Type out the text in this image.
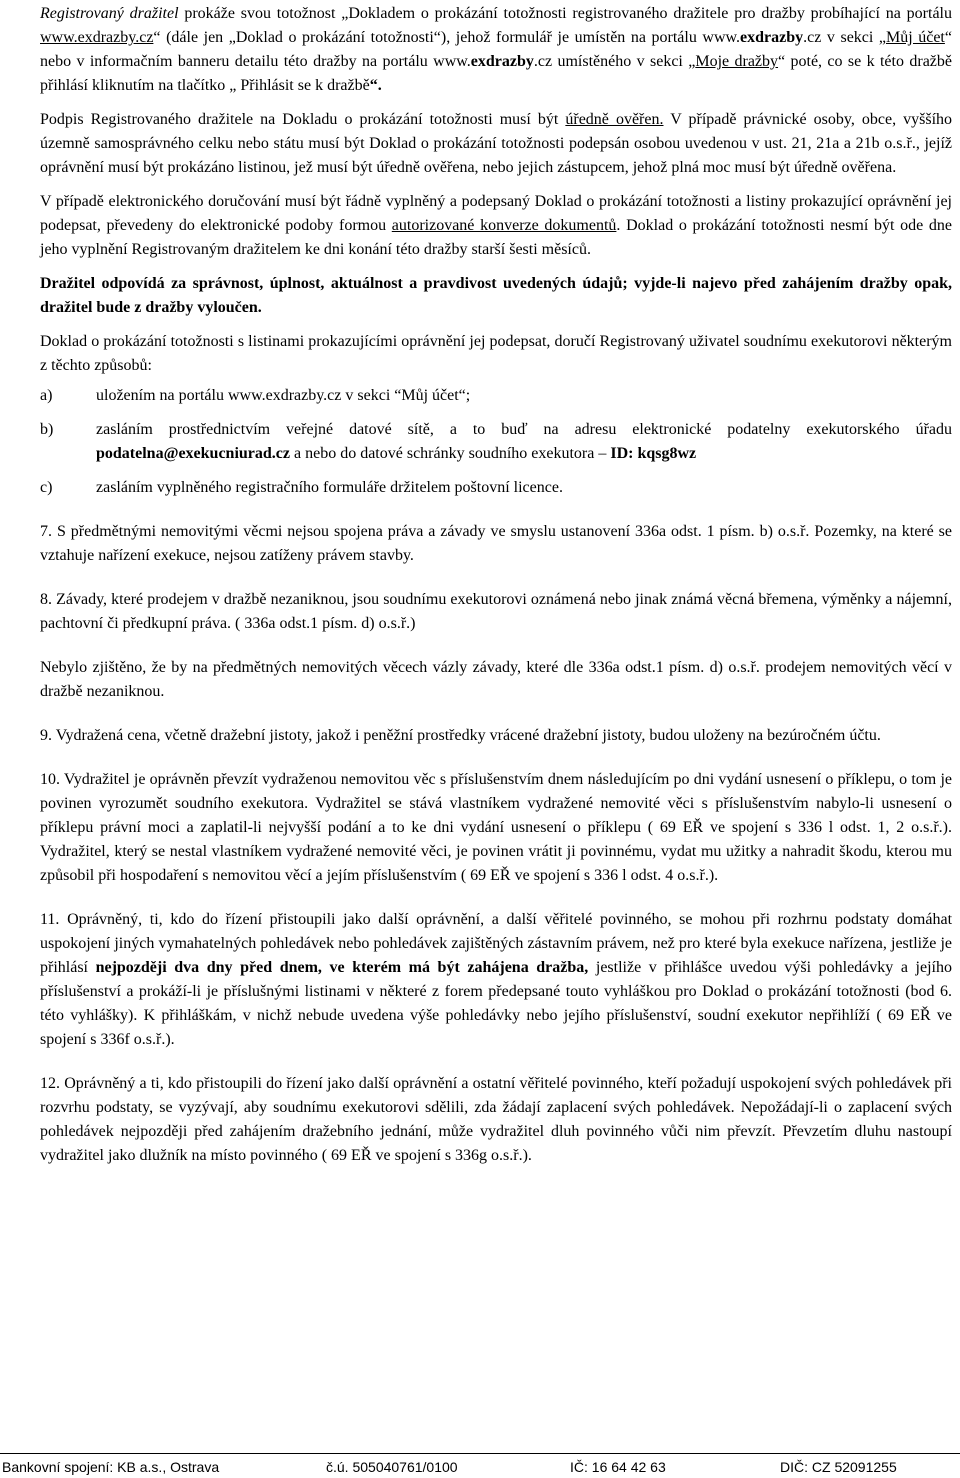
Registrovaný dražitel prokáže svou totožnost „Dokladem o prokázání totožnosti registrovaného dražitele pro dražby probíhající na portálu www.exdrazby.cz“ (dále jen „Doklad o prokázání totožnosti“), jehož formulář je umístěn na portálu www.exdrazby.cz v sekci „Můj účet“ nebo v informačním banneru detailu této dražby na portálu www.exdrazby.cz umístěného v sekci „Moje dražby“ poté, co se k této dražbě přihlásí kliknutím na tlačítko „ Přihlásit se k dražbě“.

Podpis Registrovaného dražitele na Dokladu o prokázání totožnosti musí být úředně ověřen. V případě právnické osoby, obce, vyššího územně samosprávného celku nebo státu musí být Doklad o prokázání totožnosti podepsán osobou uvedenou v ust. 21, 21a a 21b o.s.ř., jejíž oprávnění musí být prokázáno listinou, jež musí být úředně ověřena, nebo jejich zástupcem, jehož plná moc musí být úředně ověřena.

V případě elektronického doručování musí být řádně vyplněný a podepsaný Doklad o prokázání totožnosti a listiny prokazující oprávnění jej podepsat, převedeny do elektronické podoby formou autorizované konverze dokumentů. Doklad o prokázání totožnosti nesmí být ode dne jeho vyplnění Registrovaným dražitelem ke dni konání této dražby starší šesti měsíců.

Dražitel odpovídá za správnost, úplnost, aktuálnost a pravdivost uvedených údajů; vyjde-li najevo před zahájením dražby opak, dražitel bude z dražby vyloučen.

Doklad o prokázání totožnosti s listinami prokazujícími oprávnění jej podepsat, doručí Registrovaný uživatel soudnímu exekutorovi některým z těchto způsobů:

a)	uložením na portálu www.exdrazby.cz v sekci “Můj účet“;
b)	zasláním prostřednictvím veřejné datové sítě, a to buď na adresu elektronické podatelny exekutorského úřadu podatelna@exekucniurad.cz a nebo do datové schránky soudního exekutora – ID: kqsg8wz
c)	zasláním vyplněného registračního formuláře držitelem poštovní licence.

7. S předmětnými nemovitými věcmi nejsou spojena práva a závady ve smyslu ustanovení 336a odst. 1 písm. b) o.s.ř. Pozemky, na které se vztahuje nařízení exekuce, nejsou zatíženy právem stavby.

8. Závady, které prodejem v dražbě nezaniknou, jsou soudnímu exekutorovi oznámená nebo jinak známá věcná břemena, výměnky a nájemní, pachtovní či předkupní práva. ( 336a odst.1 písm. d) o.s.ř.)

Nebylo zjištěno, že by na předmětných nemovitých věcech vázly závady, které dle 336a odst.1 písm. d) o.s.ř. prodejem nemovitých věcí v dražbě nezaniknou.

9. Vydražená cena, včetně dražební jistoty, jakož i peněžní prostředky vrácené dražební jistoty, budou uloženy na bezúročném účtu.

10. Vydražitel je oprávněn převzít vydraženou nemovitou věc s příslušenstvím dnem následujícím po dni vydání usnesení o příklepu, o tom je povinen vyrozumět soudního exekutora. Vydražitel se stává vlastníkem vydražené nemovité věci s příslušenstvím nabylo-li usnesení o příklepu právní moci a zaplatil-li nejvyšší podání a to ke dni vydání usnesení o příklepu ( 69 EŘ ve spojení s 336 l odst. 1, 2 o.s.ř.). Vydražitel, který se nestal vlastníkem vydražené nemovité věci, je povinen vrátit ji povinnému, vydat mu užitky a nahradit škodu, kterou mu způsobil při hospodaření s nemovitou věcí a jejím příslušenstvím ( 69 EŘ ve spojení s 336 l odst. 4 o.s.ř.).

11. Oprávněný, ti, kdo do řízení přistoupili jako další oprávnění, a další věřitelé povinného, se mohou při rozhrnu podstaty domáhat uspokojení jiných vymahatelných pohledávek nebo pohledávek zajištěných zástavním právem, než pro které byla exekuce nařízena, jestliže je přihlásí nejpozději dva dny před dnem, ve kterém má být zahájena dražba, jestliže v přihlášce uvedou výši pohledávky a jejího příslušenství a prokáží-li je příslušnými listinami v některé z forem předepsané touto vyhláškou pro Doklad o prokázání totožnosti (bod 6. této vyhlášky). K přihláškám, v nichž nebude uvedena výše pohledávky nebo jejího příslušenství, soudní exekutor nepřihlíží ( 69 EŘ ve spojení s 336f o.s.ř.).

12. Oprávněný a ti, kdo přistoupili do řízení jako další oprávnění a ostatní věřitelé povinného, kteří požadují uspokojení svých pohledávek při rozvrhu podstaty, se vyzývají, aby soudnímu exekutorovi sdělili, zda žádají zaplacení svých pohledávek. Nepožádají-li o zaplacení svých pohledávek nejpozději před zahájením dražebního jednání, může vydražitel dluh povinného vůči nim převzít. Převzetím dluhu nastoupí vydražitel jako dlužník na místo povinného ( 69 EŘ ve spojení s 336g o.s.ř.).

Bankovní spojení: KB a.s., Ostrava	č.ú. 505040761/0100	IČ: 16 64 42 63	DIČ: CZ 52091255
